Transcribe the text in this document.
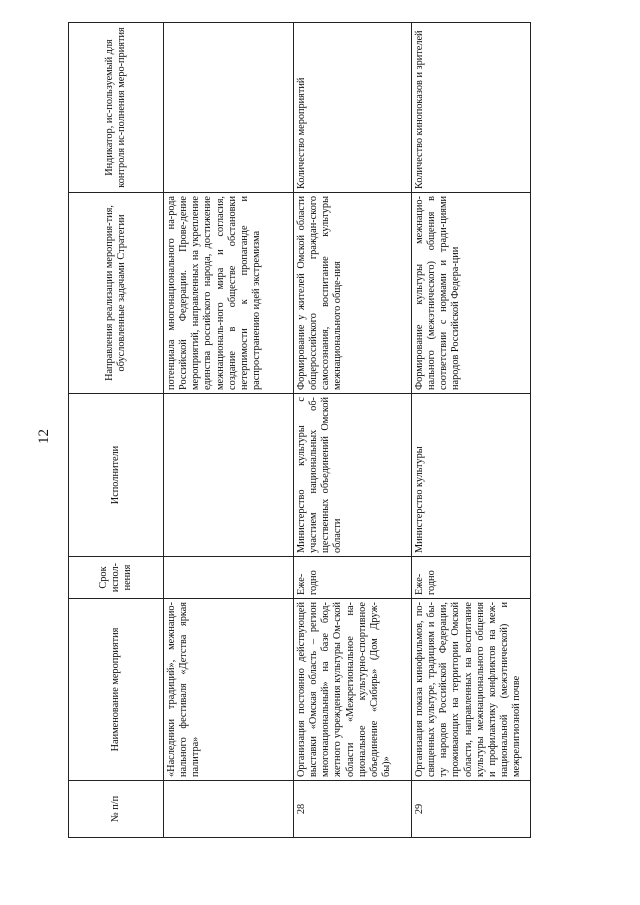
12
№ п/п	Наименование мероприятия	Срок испол-нения	Исполнители	Направления реализации мероприя-тия, обусловленные задачами Стратегии	Индикатор, ис-пользуемый для контроля ис-полнения меро-приятия
	«Наследники традиций», межнацио-нального фестиваля «Детства яркая палитра»			потенциала многонационального на-рода Российской Федерации. Прове-дение мероприятий, направленных на укрепление единства российского народа, достижение межнациональ-ного мира и согласия, создание в обществе обстановки нетерпимости к пропаганде и распространению идей экстремизма	
28	Организация постоянно действующей выставки «Омская область – регион многонациональный» на базе бюд-жетного учреждения культуры Ом-ской области «Межрегиональное на-циональное культурно-спортивное объединение «Сибирь» (Дом Друж-бы)»	Еже-годно	Министерство культуры с участием национальных об-щественных объединений Омской области	Формирование у жителей Омской области общероссийского граждан-ского самосознания, воспитание культуры межнационального обще-ния	Количество мероприятий
29	Организация показа кинофильмов, по-священных культуре, традициям и бы-ту народов Российской Федерации, проживающих на территории Омской области, направленных на воспитание культуры межнационального общения и профилактику конфликтов на меж-национальной (межэтнической) и межрелигиозной почве	Еже-годно	Министерство культуры	Формирование культуры межнацио-нального (межэтнического) общения в соответствии с нормами и тради-циями народов Российской Федера-ции	Количество кинопоказов и зрителей
